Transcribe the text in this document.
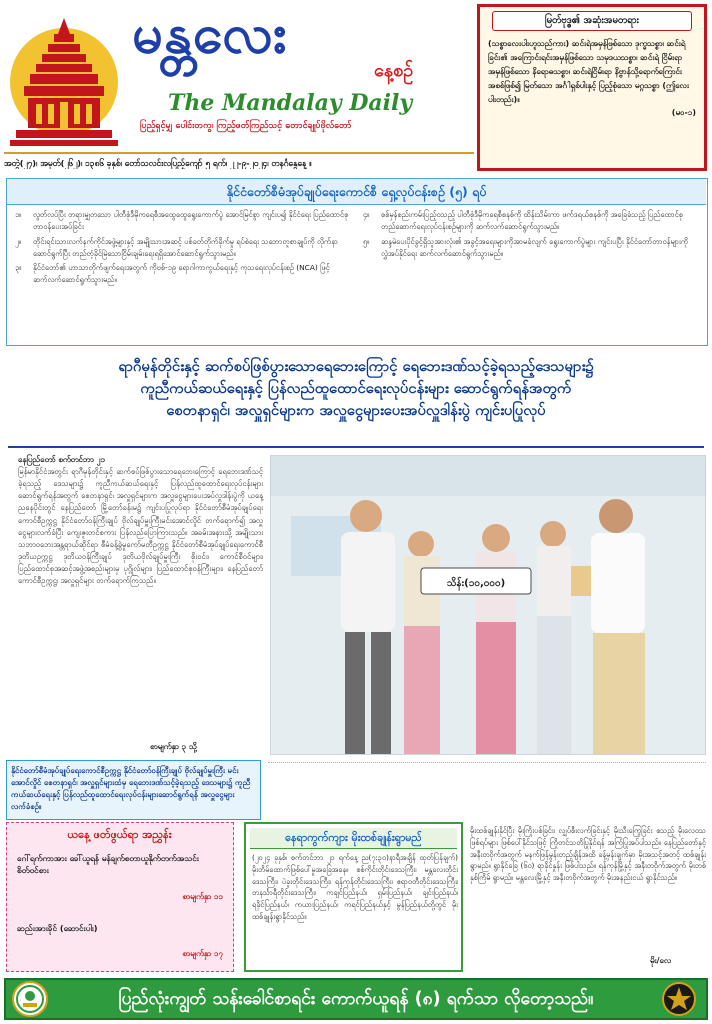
မန္တလေး
နေ့စဉ်
The Mandalay Daily
ပြည့်ရှင့်မျှ ပေါင်းတကွ၊ ကြည့်ဖတ်ကြည်သင့် တောင်ချုပ်ဗိုလ်တော်
အတွဲ(၂၇)၊ အမှတ်(၂၆၂)၊ ၁၃၈၆ ခုနှစ်၊ တော်သလင်းလပြည့်ကျော် ၅ ရက်၊ ၂၂-၉-၂၀၂၄၊ တနင်္ဂနွေနေ့ ။
မြတ်ဗုဒ္ဓ၏ အဆုံးအမတရား
(သစ္စာလေးပါးဟူသည်ကား) ဆင်းရဲအမှန်ဖြစ်သော ဒုက္ခသစ္စာ၊ ဆင်းရဲခြင်း၏ အကြောင်းရင်းအမှန်ဖြစ်သော သမုဒယသစ္စာ၊ ဆင်းရဲ ငြိမ်းရာအမှန်ဖြစ်သော နိရောဓသစ္စာ၊ ဆင်းရဲငြိမ်းရာ နိဗ္ဗာန်သို့ရောက်ကြောင်း အစစ်ဖြစ်၍ မြတ်သော အင်္ဂါရှစ်ပါးနှင့် ပြည့်စုံသော မဂ္ဂသစ္စာ (ဤလေးပါးတည်း)။
(မ၀-၁)
နိုင်ငံတော်စီမံအုပ်ချုပ်ရေးကောင်စီ ရှေ့လုပ်ငန်းစဉ် (၅) ရပ်
၁။	လွတ်လပ်ပြီး တရားမျှတသော ပါတီစုံဒီမိုကရေစီအထွေထွေရွေးကောက်ပွဲ အောင်မြင်စွာ ကျင်းပ၍ နိုင်ငံရေး ပြည်ထောင်စုတာဝန်ပေးအပ်ခြင်း
၂။	တိုင်းရင်းသားလက်နက်ကိုင်အဖွဲ့များနှင့် အမျိုးသားအဆင့် ပစ်ခတ်တိုက်ခိုက်မှု ရပ်စဲရေး သဘောတူစာချုပ်ကို လိုက်နာဆောင်ရွက်ပြီး တည်တံ့ခိုင်မြဲသောငြိမ်းချမ်းရေးရရှိအောင်ဆောင်ရွက်သွားမည်။
၃။	နိုင်ငံတော်၏ ဟာသာတိုက်ဖျက်ရေးအတွက် ကိုဗစ်-၁၉ ရောဂါကာကွယ်ရေးနှင့် ကုသရေးလုပ်ငန်းစဉ် (NCA) ဖြင့် ဆက်လက်ဆောင်ရွက်သွားမည်။
၄။	စစ်မှန်စည်းကမ်းပြည့်ဝသည့် ပါတီစုံဒီမိုကရေစီစနစ်ကို ထိန်းသိမ်းကာ ဖက်ဒရယ်စနစ်ကို အခြေခံသည့် ပြည်ထောင်စုတည်ဆောက်ရေးလုပ်ငန်းစဉ်များကို ဆက်လက်ဆောင်ရွက်သွားမည်။
၅။	ဆန္ဒမဲပေးပိုင်ခွင့်ရှိသူအားလုံး၏ အခွင့်အရေးများကိုအာမခံလျက် ရွေးကောက်ပွဲများ ကျင်းပပြီး နိုင်ငံတော်တာဝန်များကို လွှဲအပ်နိုင်ရေး ဆက်လက်ဆောင်ရွက်သွားမည်။
ရာဂီမုန်တိုင်းနှင့် ဆက်စပ်ဖြစ်ပွားသောရေဘေးကြောင့် ရေဘေးဒဏ်သင့်ခဲ့ရသည့်ဒေသများ၌
ကူညီကယ်ဆယ်ရေးနှင့် ပြန်လည်ထူထောင်ရေးလုပ်ငန်းများ ဆောင်ရွက်ရန်အတွက်
စေတနာရှင်၊ အလှူရှင်များက အလှူငွေများပေးအပ်လှူဒါန်းပွဲ ကျင်းပပြုလုပ်
နေပြည်တော် စက်တင်ဘာ ၂၁
မြန်မာနိုင်ငံအတွင်း ရာဂီမုန်တိုင်းနှင့် ဆက်စပ်ဖြစ်ပွားသောရေဘေးကြောင့် ရေဘေးဒဏ်သင့်ခဲ့ရသည့် ဒေသများ၌ ကူညီကယ်ဆယ်ရေးနှင့် ပြန်လည်ထူထောင်ရေးလုပ်ငန်းများ ဆောင်ရွက်ရန်အတွက် စေတနာရှင်၊ အလှူရှင်များက အလှူငွေများပေးအပ်လှူဒါန်းပွဲကို ယနေ့ညနေပိုင်းတွင် နေပြည်တော် မြို့တော်ခန်းမ၌ ကျင်းပပြုလုပ်ရာ နိုင်ငံတော်စီမံအုပ်ချုပ်ရေးကောင်စီဥက္ကဋ္ဌ နိုင်ငံတော်ဝန်ကြီးချုပ် ဗိုလ်ချုပ်မှူးကြီးမင်းအောင်လှိုင် တက်ရောက်၍ အလှူငွေများလက်ခံပြီး ကျေးဇူးတင်စကား ပြန်လည်ပြောကြားသည်။ အခမ်းအနားသို့ အမျိုးသားသဘာဝဘေးအန္တရာယ်ဆိုင်ရာ စီမံခန့်ခွဲမှုကော်မတီဥက္ကဋ္ဌ နိုင်ငံတော်စီမံအုပ်ချုပ်ရေးကောင်စီ ဒုတိယဥက္ကဋ္ဌ ဒုတိယဝန်ကြီးချုပ် ဒုတိယဗိုလ်ချုပ်မှူးကြီး စိုးဝင်း၊ ကောင်စီဝင်များ၊ ပြည်ထောင်စုအဆင့်အဖွဲ့အစည်းများမှ ပုဂ္ဂိုလ်များ၊ ပြည်ထောင်စုဝန်ကြီးများ၊ နေပြည်တော်ကောင်စီဥက္ကဋ္ဌ၊ အလှူရှင်များ တက်ရောက်ကြသည်။
စာမျက်နှာ ၃ သို့
သိန်း(၁၀,၀၀၀)
နိုင်ငံတော်စီမံအုပ်ချုပ်ရေးကောင်စီဥက္ကဋ္ဌ နိုင်ငံတော်ဝန်ကြီးချုပ် ဗိုလ်ချုပ်မှူးကြီး မင်းအောင်လှိုင် စေတနာရှင်၊ အလှူရှင်များထံမှ ရေဘေးဒဏ်သင့်ခဲ့ရသည့် ဒေသများ၌ ကူညီကယ်ဆယ်ရေးနှင့် ပြန်လည်ထူထောင်ရေးလုပ်ငန်းများဆောင်ရွက်ရန် အလှူငွေများ လက်ခံစဉ်။
ယနေ့ ဖတ်ဖွယ်ရာ အညွှန်း
ဂေါ်ရက်ကာအား ခေါ်ယူရန် မန်ချက်စတာယူနိုက်တက်အသင်း စိတ်ဝင်စား
စာမျက်နှာ ၁၁
ဆည်းအားခိုင် (ဆောင်းပါး)
စာမျက်နှာ ၁၇
နေရာကွက်ကျား မိုးထစ်ချုန်းရွာမည်
(၂၀၂၄ ခုနှစ်၊ စက်တင်ဘာ ၂၁ ရက်နေ့ ည(၇:၃၀)နာရီအချိန် ထုတ်ပြန်ချက်) မိုးတိမ်ထောက်ဖြစ်ပေါ်မှုအခြေအနေ။ စစ်ကိုင်းတိုင်းဒေသကြီး၊ မန္တလေးတိုင်းဒေသကြီး၊ ပဲခူးတိုင်းဒေသကြီး၊ ရန်ကုန်တိုင်းဒေသကြီး၊ ဧရာဝတီတိုင်းဒေသကြီး၊ တနင်္သာရီတိုင်းဒေသကြီး၊ ကချင်ပြည်နယ်၊ ရှမ်းပြည်နယ်၊ ချင်းပြည်နယ်၊ ရခိုင်ပြည်နယ်၊ ကယားပြည်နယ်၊ ကရင်ပြည်နယ်နှင့် မွန်ပြည်နယ်တို့တွင် မိုးထစ်ချုန်းရွာနိုင်သည်။
မိုးထစ်ချုန်းနိုင်ပြီး မိုးကြိုးပစ်ခြင်း၊ လျှပ်စီးလက်ခြင်းနှင့် မိုးသီးကြွေခြင်း စသည့် မိုးလေဝသဖြစ်ရပ်များ ဖြစ်ပေါ်နိုင်သဖြင့် ကြိုတင်သတိပြုနိုင်ရန် အကြံပြုအပ်ပါသည်။ နေပြည်တော်နှင့် အနီးတဝိုက်အတွက် မနက်ဖြန်မွန်းတည့်ချိန်အထိ ခန့်မှန်းချက်မှာ မိုးအသင့်အတင့် ထစ်ချုန်းရွာမည်။ ရွာနိုင်ခြေ (၆၀) ရာခိုင်နှုန်း ဖြစ်ပါသည်။ ရန်ကုန်မြို့နှင့် အနီးတဝိုက်အတွက် မိုးတစ်နှစ်ကြိမ် ရွာမည်။ မန္တလေးမြို့နှင့် အနီးတဝိုက်အတွက် မိုးအနည်းငယ် ရွာနိုင်သည်။
မိုး/လေ
ပြည်လုံးကျွတ် သန်းခေါင်စာရင်း ကောက်ယူရန် (၈) ရက်သာ လိုတော့သည်။
